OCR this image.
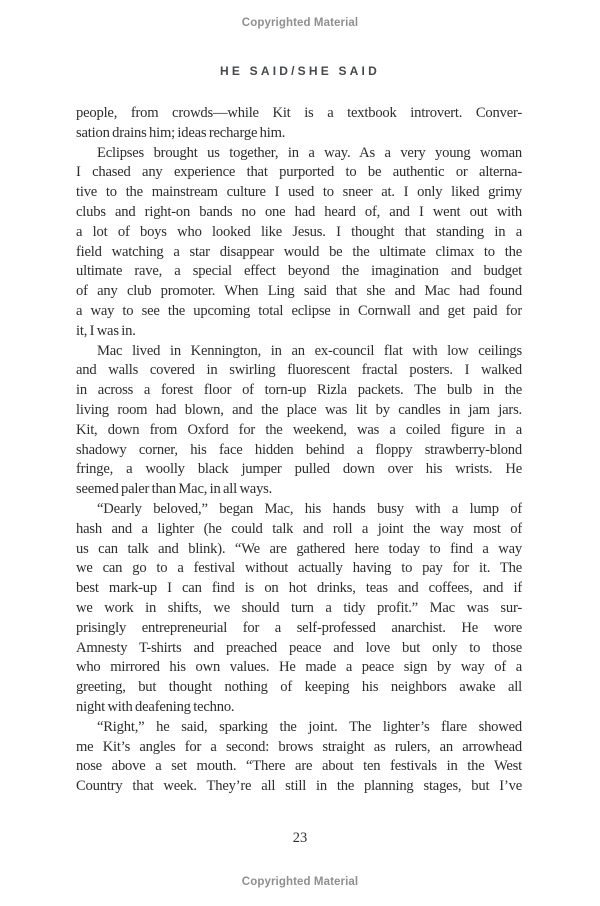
Copyrighted Material
HE SAID/SHE SAID
people, from crowds—while Kit is a textbook introvert. Conver-
sation drains him; ideas recharge him.
Eclipses brought us together, in a way. As a very young woman
I chased any experience that purported to be authentic or alterna-
tive to the mainstream culture I used to sneer at. I only liked grimy
clubs and right-on bands no one had heard of, and I went out with
a lot of boys who looked like Jesus. I thought that standing in a
field watching a star disappear would be the ultimate climax to the
ultimate rave, a special effect beyond the imagination and budget
of any club promoter. When Ling said that she and Mac had found
a way to see the upcoming total eclipse in Cornwall and get paid for
it, I was in.
Mac lived in Kennington, in an ex-council flat with low ceilings
and walls covered in swirling fluorescent fractal posters. I walked
in across a forest floor of torn-up Rizla packets. The bulb in the
living room had blown, and the place was lit by candles in jam jars.
Kit, down from Oxford for the weekend, was a coiled figure in a
shadowy corner, his face hidden behind a floppy strawberry-blond
fringe, a woolly black jumper pulled down over his wrists. He
seemed paler than Mac, in all ways.
“Dearly beloved,” began Mac, his hands busy with a lump of
hash and a lighter (he could talk and roll a joint the way most of
us can talk and blink). “We are gathered here today to find a way
we can go to a festival without actually having to pay for it. The
best mark-up I can find is on hot drinks, teas and coffees, and if
we work in shifts, we should turn a tidy profit.” Mac was sur-
prisingly entrepreneurial for a self-professed anarchist. He wore
Amnesty T-shirts and preached peace and love but only to those
who mirrored his own values. He made a peace sign by way of a
greeting, but thought nothing of keeping his neighbors awake all
night with deafening techno.
“Right,” he said, sparking the joint. The lighter’s flare showed
me Kit’s angles for a second: brows straight as rulers, an arrowhead
nose above a set mouth. “There are about ten festivals in the West
Country that week. They’re all still in the planning stages, but I’ve
23
Copyrighted Material
